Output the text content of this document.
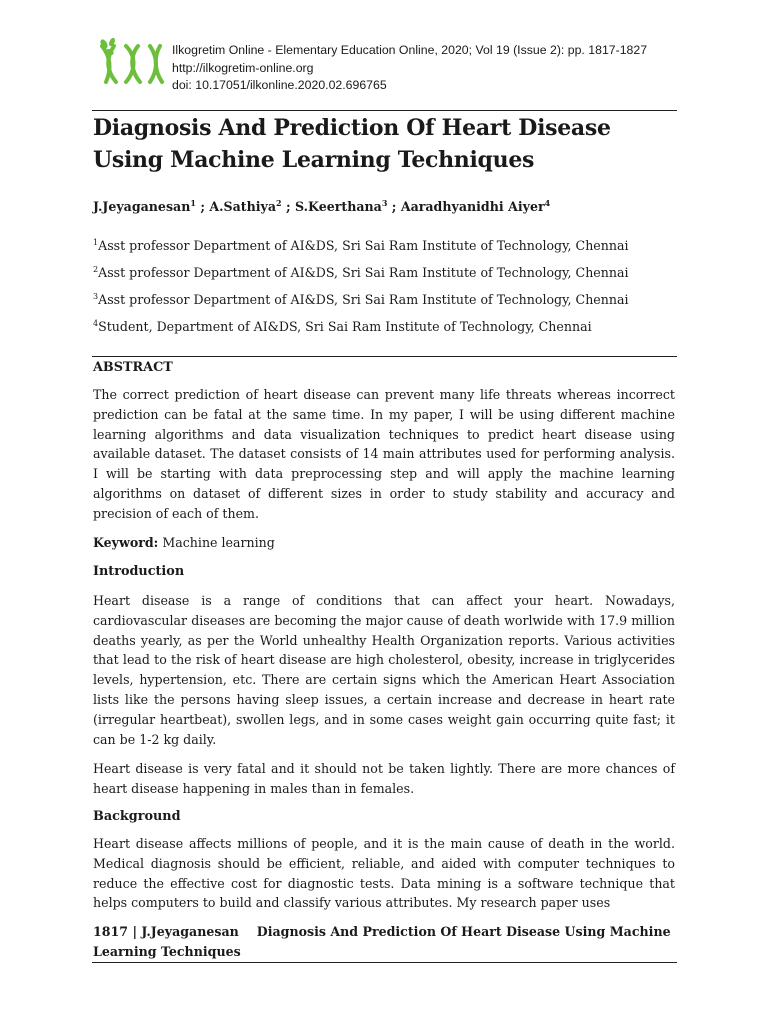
Ilkogretim Online - Elementary Education Online, 2020; Vol 19 (Issue 2): pp. 1817-1827
http://ilkogretim-online.org
doi: 10.17051/ilkonline.2020.02.696765
Diagnosis And Prediction Of Heart Disease Using Machine Learning Techniques
J.Jeyaganesan$^1$ ; A.Sathiya$^2$ ; S.Keerthana$^3$ ; Aaradhyanidhi Aiyer$^4$
$^1$Asst professor Department of AI&DS, Sri Sai Ram Institute of Technology, Chennai
$^2$Asst professor Department of AI&DS, Sri Sai Ram Institute of Technology, Chennai
$^3$Asst professor Department of AI&DS, Sri Sai Ram Institute of Technology, Chennai
$^4$Student, Department of AI&DS, Sri Sai Ram Institute of Technology, Chennai
ABSTRACT

The correct prediction of heart disease can prevent many life threats whereas incorrect prediction can be fatal at the same time. In my paper, I will be using different machine learning algorithms and data visualization techniques to predict heart disease using available dataset. The dataset consists of 14 main attributes used for performing analysis. I will be starting with data preprocessing step and will apply the machine learning algorithms on dataset of different sizes in order to study stability and accuracy and precision of each of them.

Keyword: Machine learning
Introduction

Heart disease is a range of conditions that can affect your heart. Nowadays, cardiovascular diseases are becoming the major cause of death worlwide with 17.9 million deaths yearly, as per the World unhealthy Health Organization reports. Various activities that lead to the risk of heart disease are high cholesterol, obesity, increase in triglycerides levels, hypertension, etc. There are certain signs which the American Heart Association lists like the persons having sleep issues, a certain increase and decrease in heart rate (irregular heartbeat), swollen legs, and in some cases weight gain occurring quite fast; it can be 1-2 kg daily.

Heart disease is very fatal and it should not be taken lightly. There are more chances of heart disease happening in males than in females.

Background

Heart disease affects millions of people, and it is the main cause of death in the world. Medical diagnosis should be efficient, reliable, and aided with computer techniques to reduce the effective cost for diagnostic tests. Data mining is a software technique that helps computers to build and classify various attributes. My research paper uses

1817 | J.Jeyaganesan Diagnosis And Prediction Of Heart Disease Using Machine Learning Techniques
